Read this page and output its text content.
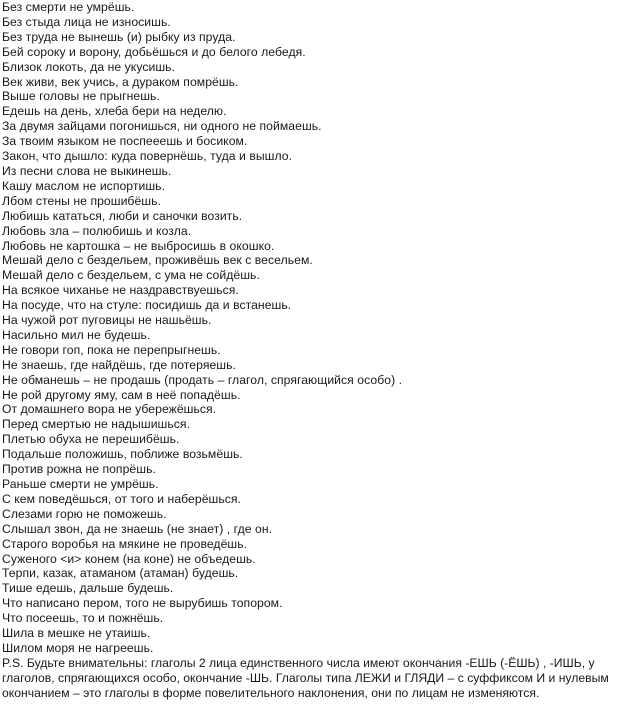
Без смерти не умрёшь.
Без стыда лица не износишь.
Без труда не вынешь (и) рыбку из пруда.
Бей сороку и ворону, добьёшься и до белого лебедя.
Близок локоть, да не укусишь.
Век живи, век учись, а дураком помрёшь.
Выше головы не прыгнешь.
Едешь на день, хлеба бери на неделю.
За двумя зайцами погонишься, ни одного не поймаешь.
За твоим языком не поспееешь и босиком.
Закон, что дышло: куда повернёшь, туда и вышло.
Из песни слова не выкинешь.
Кашу маслом не испортишь.
Лбом стены не прошибёшь.
Любишь кататься, люби и саночки возить.
Любовь зла – полюбишь и козла.
Любовь не картошка – не выбросишь в окошко.
Мешай дело с бездельем, проживёшь век с весельем.
Мешай дело с бездельем, с ума не сойдёшь.
На всякое чиханье не наздравствуешься.
На посуде, что на стуле: посидишь да и встанешь.
На чужой рот пуговицы не нашьёшь.
Насильно мил не будешь.
Не говори гоп, пока не перепрыгнешь.
Не знаешь, где найдёшь, где потеряешь.
Не обманешь – не продашь (продать – глагол, спрягающийся особо) .
Не рой другому яму, сам в неё попадёшь.
От домашнего вора не убережёшься.
Перед смертью не надышишься.
Плетью обуха не перешибёшь.
Подальше положишь, поближе возьмёшь.
Против рожна не попрёшь.
Раньше смерти не умрёшь.
С кем поведёшься, от того и наберёшься.
Слезами горю не поможешь.
Слышал звон, да не знаешь (не знает) , где он.
Старого воробья на мякине не проведёшь.
Суженого <и> конем (на коне) не объедешь.
Терпи, казак, атаманом (атаман) будешь.
Тише едешь, дальше будешь.
Что написано пером, того не вырубишь топором.
Что посеешь, то и пожнёшь.
Шила в мешке не утаишь.
Шилом моря не нагреешь.
P.S. Будьте внимательны: глаголы 2 лица единственного числа имеют окончания -ЕШЬ (-ЁШЬ) , -ИШЬ, у глаголов, спрягающихся особо, окончание -ШЬ. Глаголы типа ЛЕЖИ и ГЛЯДИ – с суффиксом И и нулевым окончанием – это глаголы в форме повелительного наклонения, они по лицам не изменяются.
